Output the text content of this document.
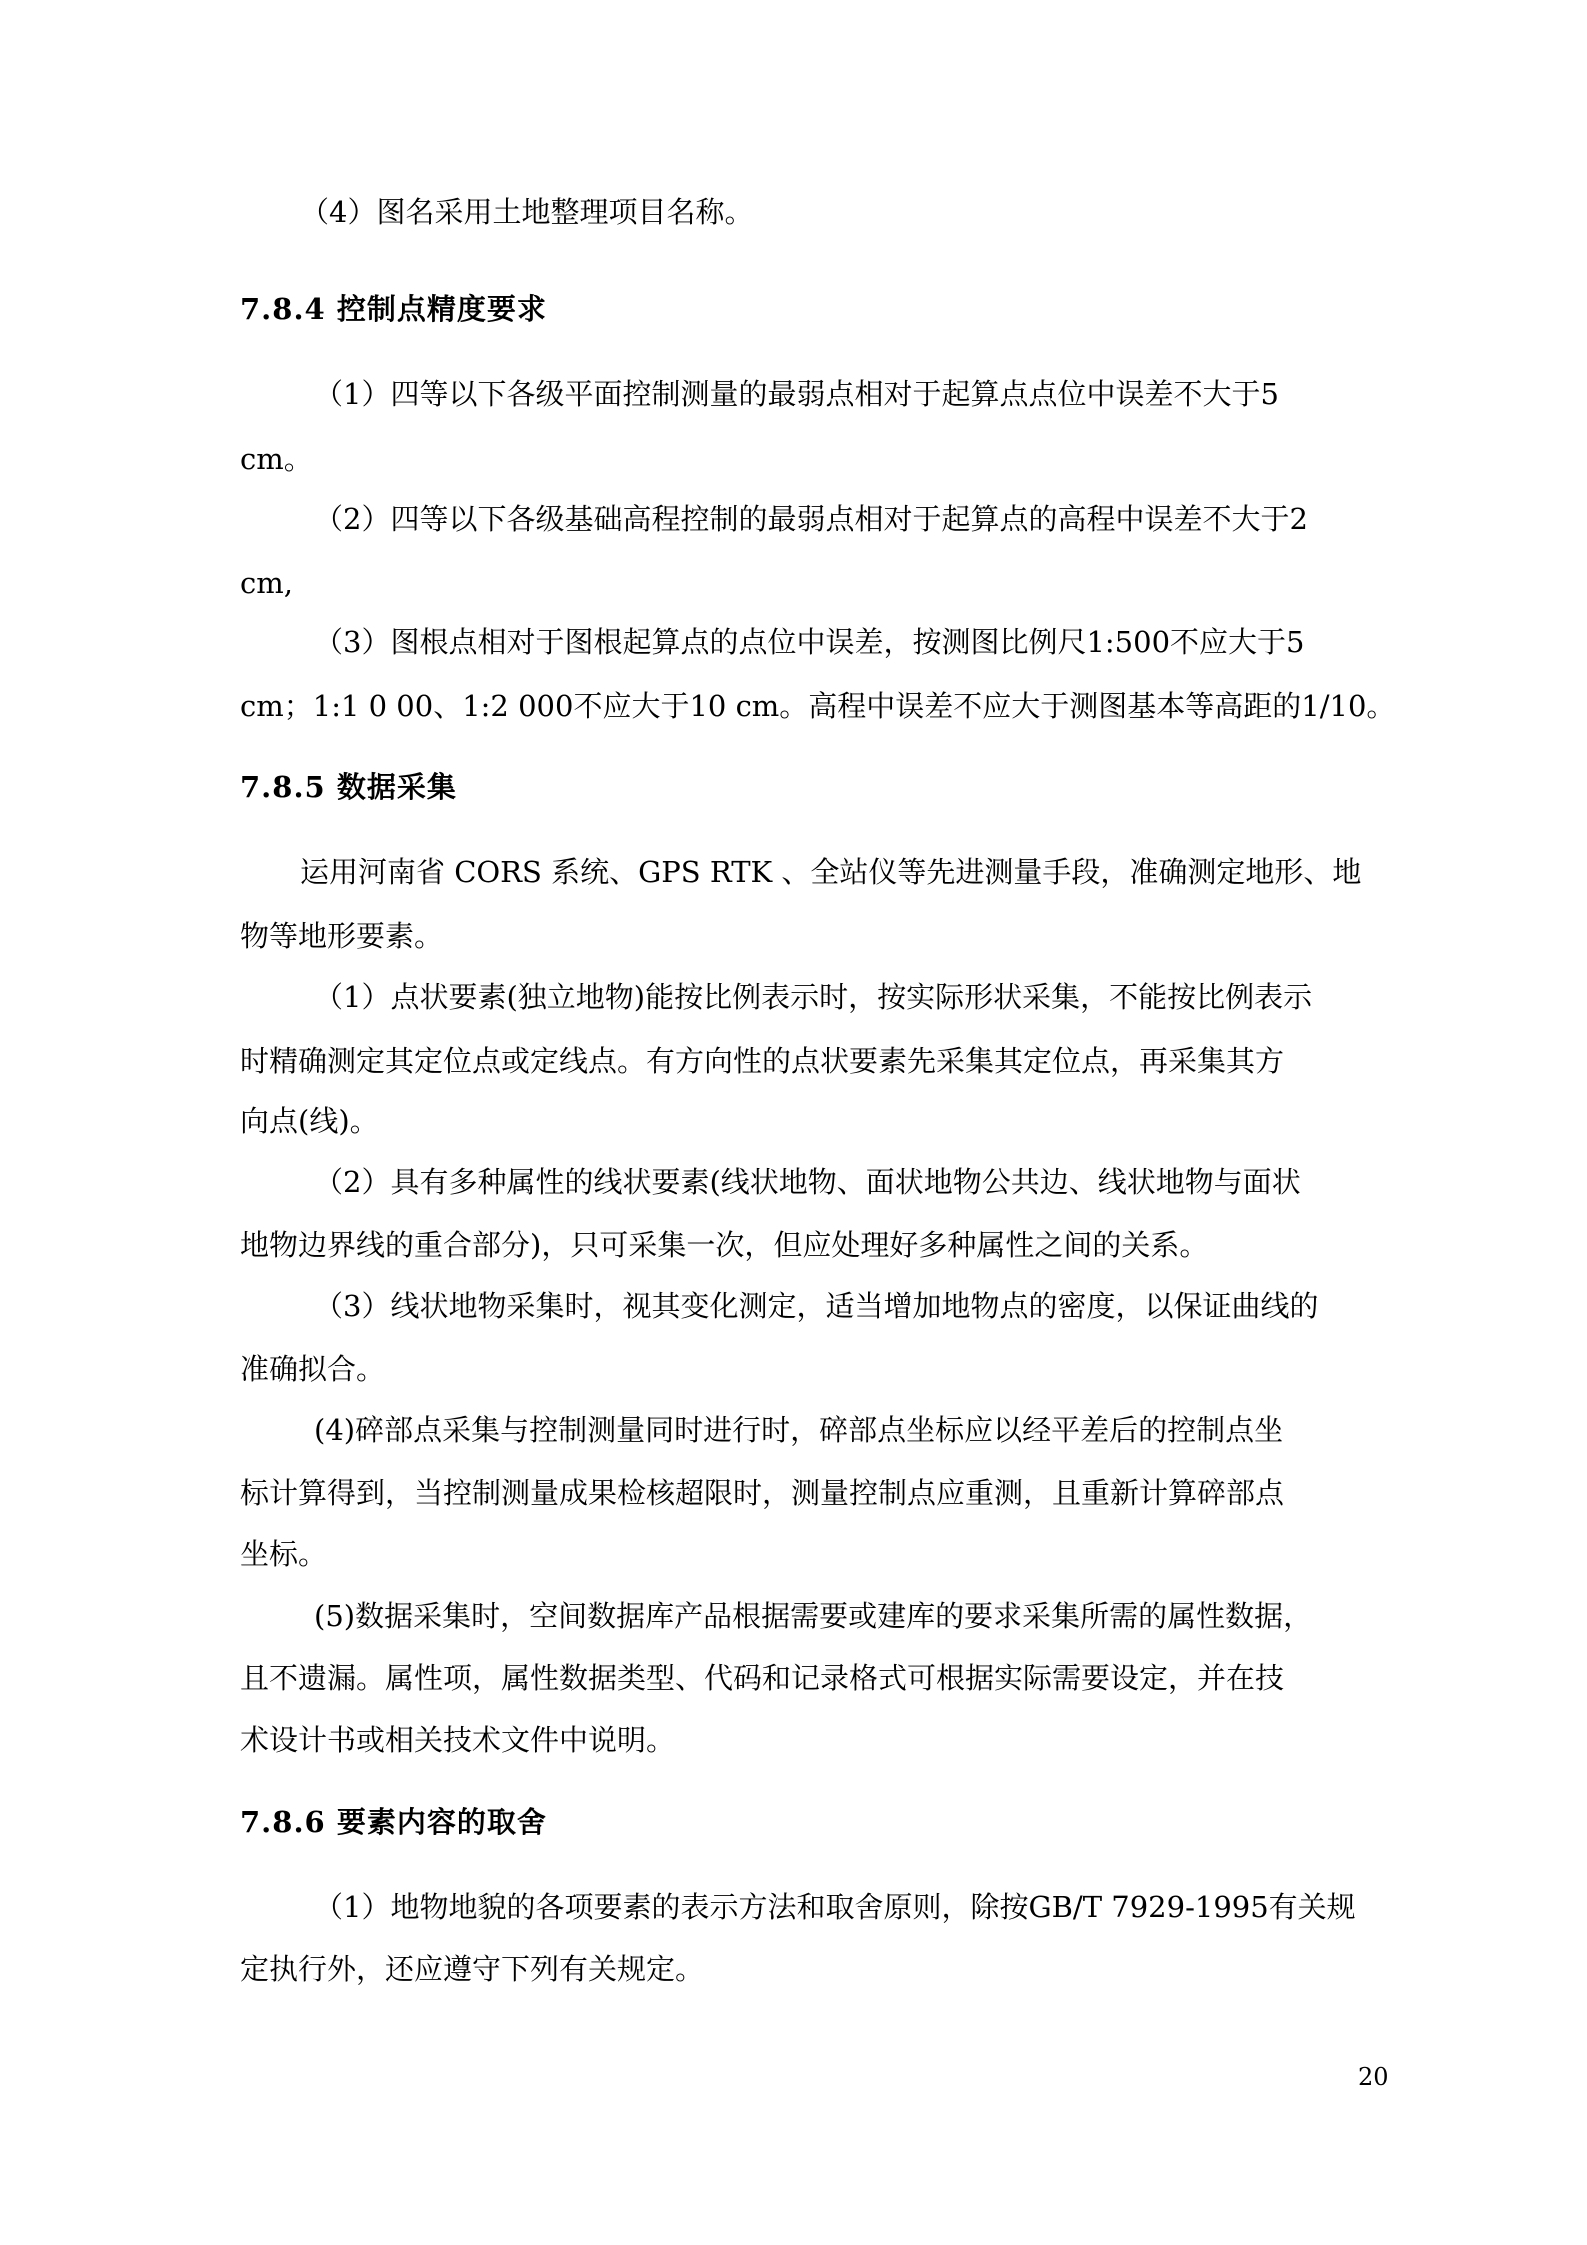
（4）图名采用土地整理项目名称。
7.8.4 控制点精度要求
（1）四等以下各级平面控制测量的最弱点相对于起算点点位中误差不大于5
cm。
（2）四等以下各级基础高程控制的最弱点相对于起算点的高程中误差不大于2
cm,
（3）图根点相对于图根起算点的点位中误差，按测图比例尺1:500不应大于5
cm；1:1 0 00、1:2 000不应大于10 cm。高程中误差不应大于测图基本等高距的1/10。
7.8.5 数据采集
运用河南省 CORS 系统、GPS RTK 、全站仪等先进测量手段，准确测定地形、地
物等地形要素。
（1）点状要素(独立地物)能按比例表示时，按实际形状采集，不能按比例表示
时精确测定其定位点或定线点。有方向性的点状要素先采集其定位点，再采集其方
向点(线)。
（2）具有多种属性的线状要素(线状地物、面状地物公共边、线状地物与面状
地物边界线的重合部分)，只可采集一次，但应处理好多种属性之间的关系。
（3）线状地物采集时，视其变化测定，适当增加地物点的密度，以保证曲线的
准确拟合。
(4)碎部点采集与控制测量同时进行时，碎部点坐标应以经平差后的控制点坐
标计算得到，当控制测量成果检核超限时，测量控制点应重测，且重新计算碎部点
坐标。
(5)数据采集时，空间数据库产品根据需要或建库的要求采集所需的属性数据，
且不遗漏。属性项，属性数据类型、代码和记录格式可根据实际需要设定，并在技
术设计书或相关技术文件中说明。
7.8.6 要素内容的取舍
（1）地物地貌的各项要素的表示方法和取舍原则，除按GB/T 7929-1995有关规
定执行外，还应遵守下列有关规定。
20
